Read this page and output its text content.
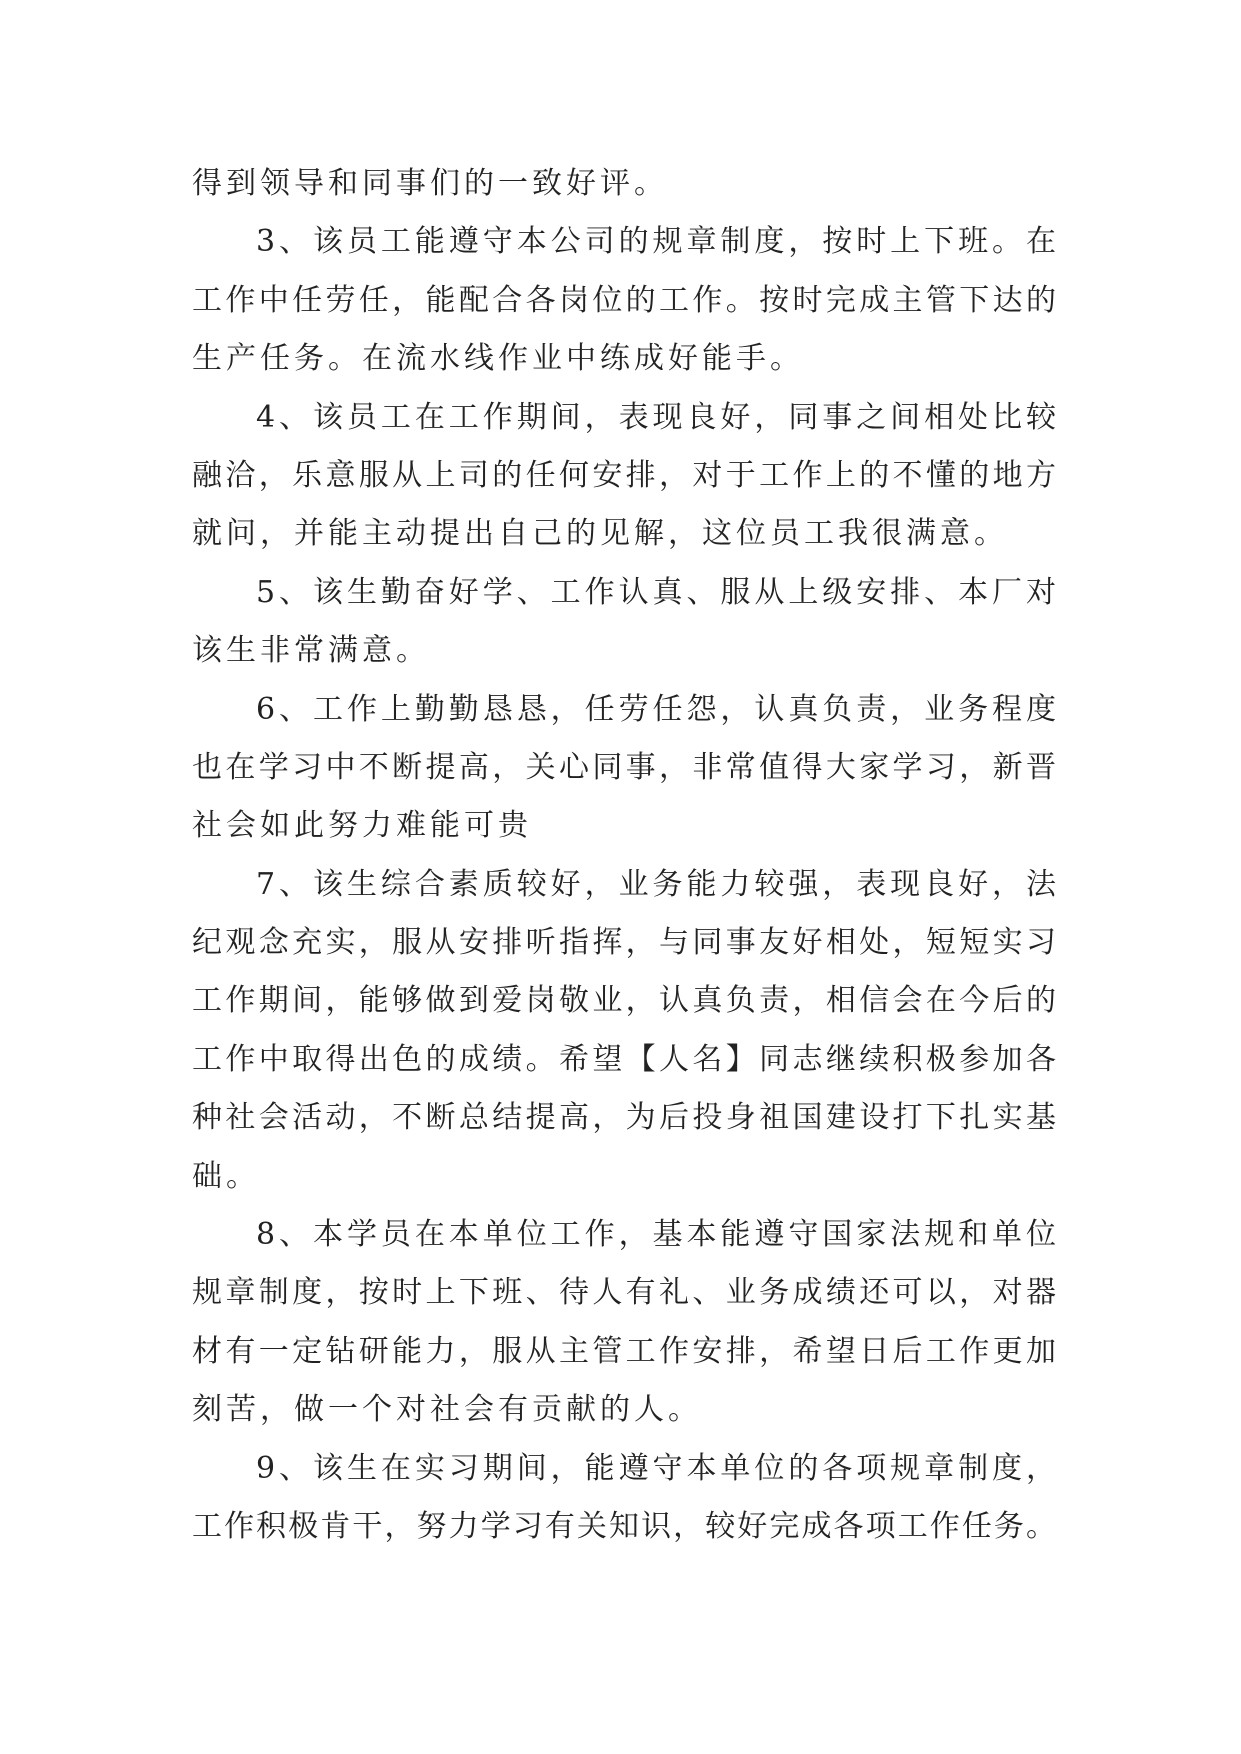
得到领导和同事们的一致好评。

3、该员工能遵守本公司的规章制度，按时上下班。在
工作中任劳任，能配合各岗位的工作。按时完成主管下达的
生产任务。在流水线作业中练成好能手。

4、该员工在工作期间，表现良好，同事之间相处比较
融洽，乐意服从上司的任何安排，对于工作上的不懂的地方
就问，并能主动提出自己的见解，这位员工我很满意。

5、该生勤奋好学、工作认真、服从上级安排、本厂对
该生非常满意。

6、工作上勤勤恳恳，任劳任怨，认真负责，业务程度
也在学习中不断提高，关心同事，非常值得大家学习，新晋
社会如此努力难能可贵

7、该生综合素质较好，业务能力较强，表现良好，法
纪观念充实，服从安排听指挥，与同事友好相处，短短实习
工作期间，能够做到爱岗敬业，认真负责，相信会在今后的
工作中取得出色的成绩。希望【人名】同志继续积极参加各
种社会活动，不断总结提高，为后投身祖国建设打下扎实基
础。

8、本学员在本单位工作，基本能遵守国家法规和单位
规章制度，按时上下班、待人有礼、业务成绩还可以，对器
材有一定钻研能力，服从主管工作安排，希望日后工作更加
刻苦，做一个对社会有贡献的人。

9、该生在实习期间，能遵守本单位的各项规章制度，
工作积极肯干，努力学习有关知识，较好完成各项工作任务。
